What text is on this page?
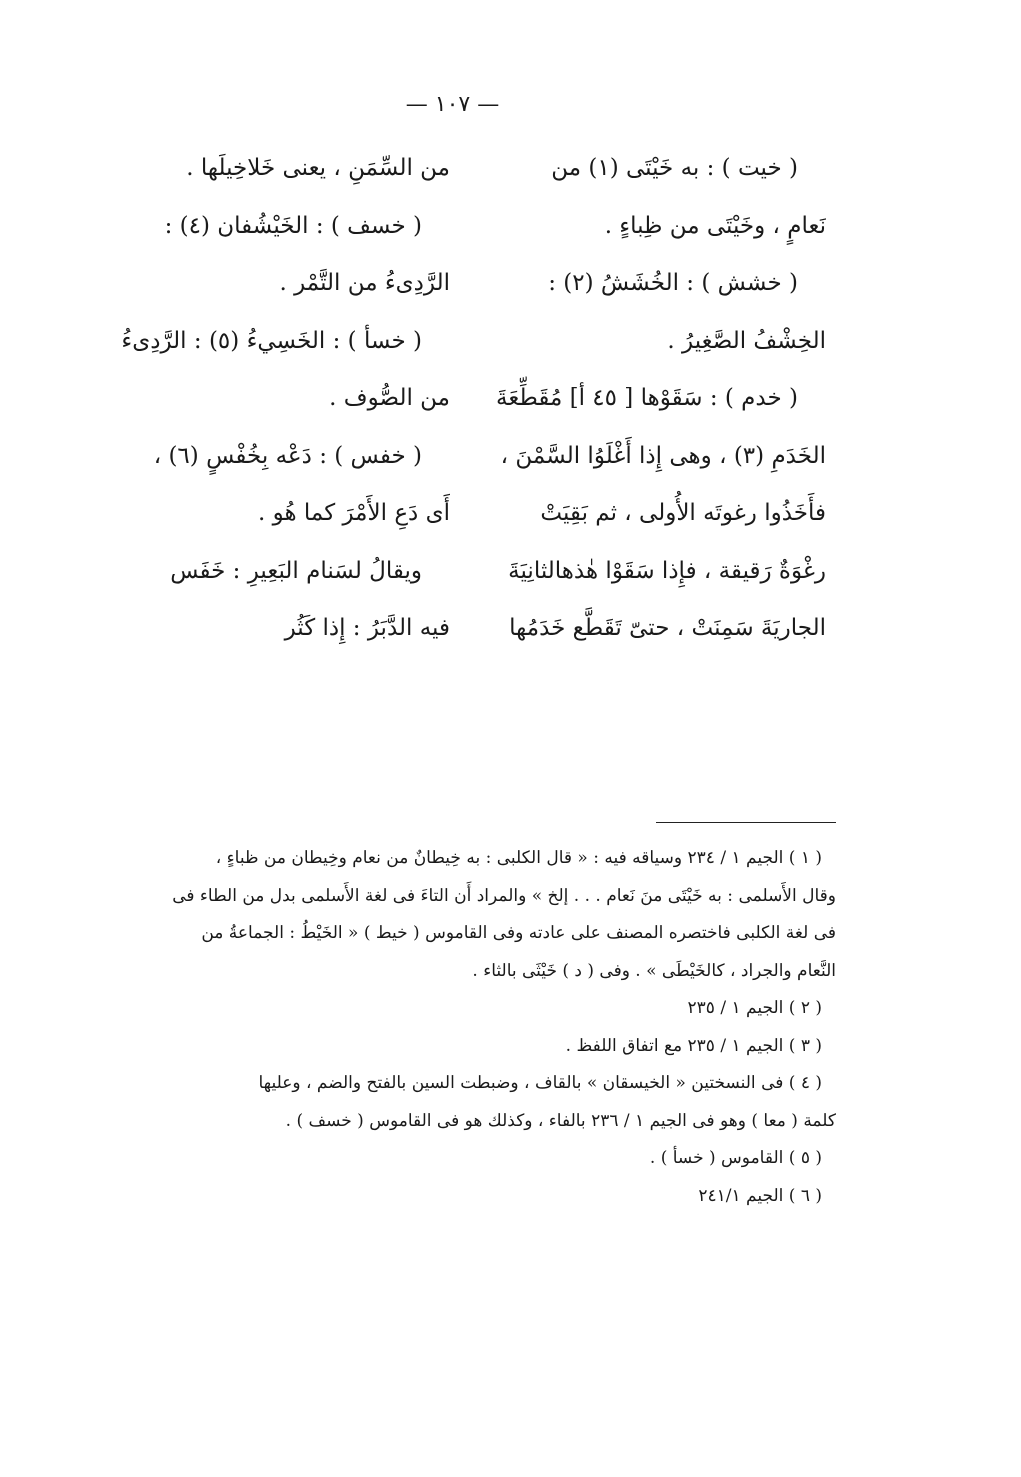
— ١٠٧ —
( خيت ) : به خَيْتَى (١) من
نَعامٍ ، وخَيْتَى من ظِباءٍ .
( خشش ) : الخُشَشُ (٢) :
الخِشْفُ الصَّغِيرُ .
( خدم ) : سَقَوْها [ ٤٥ أ] مُقَطِّعَةَ
الخَدَمِ (٣) ، وهى إِذا أَغْلَوُا السَّمْنَ ،
فأَخَذُوا رغوتَه الأُولى ، ثم بَقِيَتْ
رغْوَةٌ رَقيقة ، فإِذا سَقَوْا هٰذهالثانِيَةَ
الجاريَةَ سَمِنَتْ ، حتىّ تَقَطَّع خَدَمُها
من السِّمَنِ ، يعنى خَلاخِيلَها .
( خسف ) : الخَيْشُفان (٤) :
الرَّدِىءُ من التَّمْر .
( خسأ ) : الخَسِيءُ (٥) : الرَّدِىءُ
من الصُّوف .
( خفس ) : دَعْه بِخُفْسٍ (٦) ،
أَى دَعِ الأَمْرَ كما هُو .
ويقالُ لسَنام البَعِيرِ : خَفَس
فيه الدَّبَرُ : إِذا كَثُر
( ١ ) الجيم ١ / ٢٣٤ وسياقه فيه : « قال الكلبى : به خِيطانٌ من نعام وخِيطان من ظباءٍ ،
وقال الأَسلمى : به خَيْتَى منَ نَعام . . . إلخ » والمراد أَن التاءَ فى لغة الأَسلمى بدل من الطاء فى
فى لغة الكلبى فاختصره المصنف على عادته وفى القاموس ( خيط ) « الخَيْطُ : الجماعةُ من
النَّعام والجراد ، كالخَيْطَى » . وفى ( د ) خَيْثَى بالثاء .
( ٢ ) الجيم ١ / ٢٣٥
( ٣ ) الجيم ١ / ٢٣٥ مع اتفاق اللفظ .
( ٤ ) فى النسختين « الخيسقان » بالقاف ، وضبطت السين بالفتح والضم ، وعليها
كلمة ( معا ) وهو فى الجيم ١ / ٢٣٦ بالفاء ، وكذلك هو فى القاموس ( خسف ) .
( ٥ ) القاموس ( خسأ ) .
( ٦ ) الجيم ٢٤١/١
